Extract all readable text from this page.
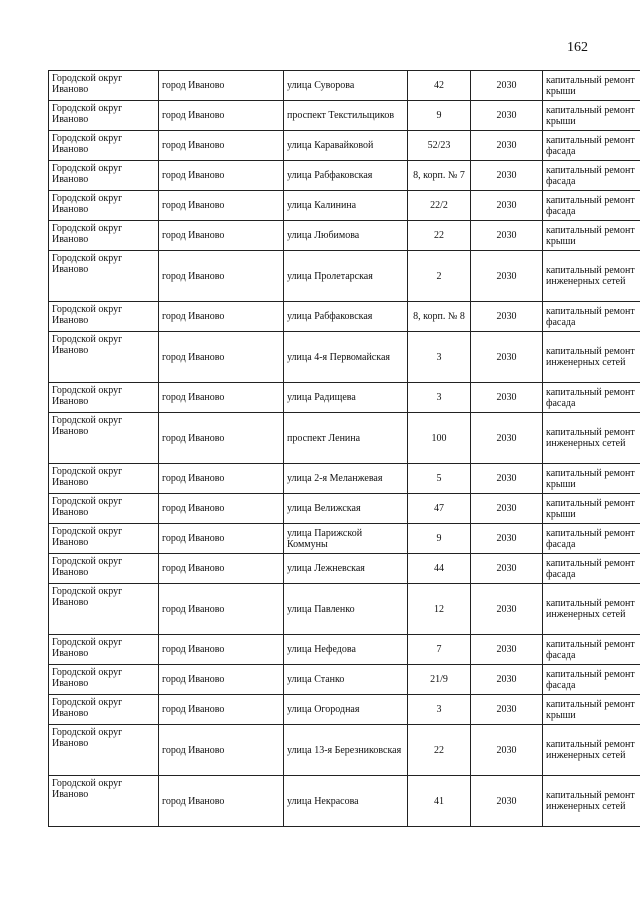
162
Городской округ Иваново	город Иваново	улица Суворова	42	2030	капитальный ремонт крыши
Городской округ Иваново	город Иваново	проспект Текстильщиков	9	2030	капитальный ремонт крыши
Городской округ Иваново	город Иваново	улица Каравайковой	52/23	2030	капитальный ремонт фасада
Городской округ Иваново	город Иваново	улица Рабфаковская	8, корп. № 7	2030	капитальный ремонт фасада
Городской округ Иваново	город Иваново	улица Калинина	22/2	2030	капитальный ремонт фасада
Городской округ Иваново	город Иваново	улица Любимова	22	2030	капитальный ремонт крыши
Городской округ Иваново	город Иваново	улица Пролетарская	2	2030	капитальный ремонт инженерных сетей
Городской округ Иваново	город Иваново	улица Рабфаковская	8, корп. № 8	2030	капитальный ремонт фасада
Городской округ Иваново	город Иваново	улица 4-я Первомайская	3	2030	капитальный ремонт инженерных сетей
Городской округ Иваново	город Иваново	улица Радищева	3	2030	капитальный ремонт фасада
Городской округ Иваново	город Иваново	проспект Ленина	100	2030	капитальный ремонт инженерных сетей
Городской округ Иваново	город Иваново	улица 2-я Меланжевая	5	2030	капитальный ремонт крыши
Городской округ Иваново	город Иваново	улица Велижская	47	2030	капитальный ремонт крыши
Городской округ Иваново	город Иваново	улица Парижской Коммуны	9	2030	капитальный ремонт фасада
Городской округ Иваново	город Иваново	улица Лежневская	44	2030	капитальный ремонт фасада
Городской округ Иваново	город Иваново	улица Павленко	12	2030	капитальный ремонт инженерных сетей
Городской округ Иваново	город Иваново	улица Нефедова	7	2030	капитальный ремонт фасада
Городской округ Иваново	город Иваново	улица Станко	21/9	2030	капитальный ремонт фасада
Городской округ Иваново	город Иваново	улица Огородная	3	2030	капитальный ремонт крыши
Городской округ Иваново	город Иваново	улица 13-я Березниковская	22	2030	капитальный ремонт инженерных сетей
Городской округ Иваново	город Иваново	улица Некрасова	41	2030	капитальный ремонт инженерных сетей
